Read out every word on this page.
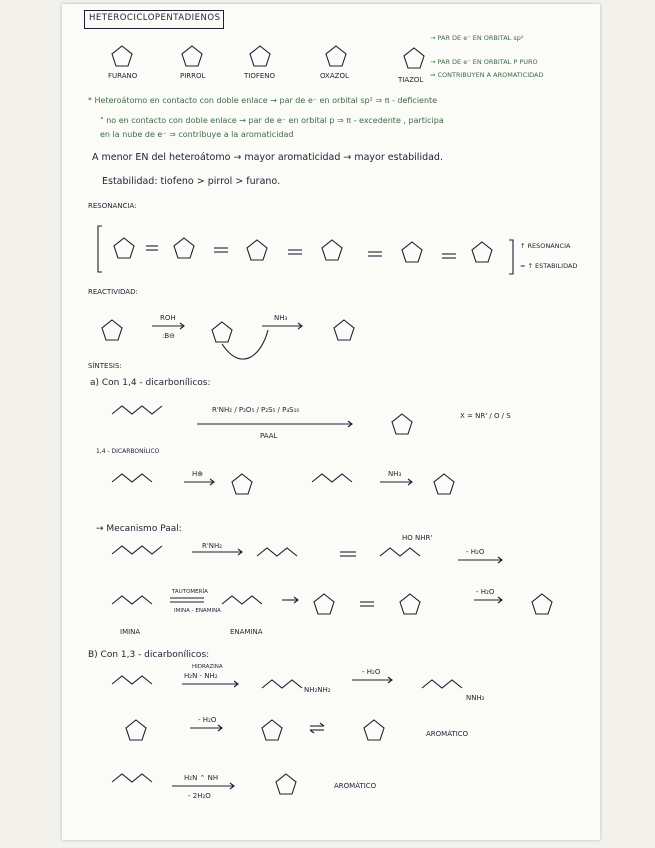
HETEROCICLOPENTADIENOS
FURANO	PIRROL	TIOFENO	OXAZOL	TIAZOL
→ PAR DE e⁻ EN ORBITAL sp²
→ PAR DE e⁻ EN ORBITAL P PURO
⇒ CONTRIBUYEN A AROMATICIDAD
* Heteroátomo en contacto con doble enlace → par de e⁻ en orbital sp² ⇒ π - deficiente
" no en contacto con doble enlace → par de e⁻ en orbital p ⇒ π - excedente , participa
en la nube de e⁻ ⇒ contribuye a la aromaticidad
A menor EN del heteroátomo → mayor aromaticidad → mayor estabilidad.
Estabilidad: tiofeno > pirrol > furano.
RESONANCIA:
↑ RESONANCIA
= ↑ ESTABILIDAD
REACTIVIDAD:
ROH
:B⊖
NH₃
SÍNTESIS:
a) Con 1,4 - dicarbonílicos:
R'NH₂ / P₂O₅ / P₂S₅ / P₄S₁₀
PAAL
X = NR' / O / S
1,4 - DICARBONÍLICO
H⊕	NH₃
→ Mecanismo Paal:
R'NH₂
HO NHR'
- H₂O
TAUTOMERÍA
IMINA - ENAMINA
- H₂O
IMINA	ENAMINA
B) Con 1,3 - dicarbonílicos:
HIDRAZINA
H₂N - NH₂
NH₂NH₂
- H₂O
NNH₂
- H₂O
AROMÁTICO
H₂N ⌃ NH
- 2H₂O
AROMÁTICO
